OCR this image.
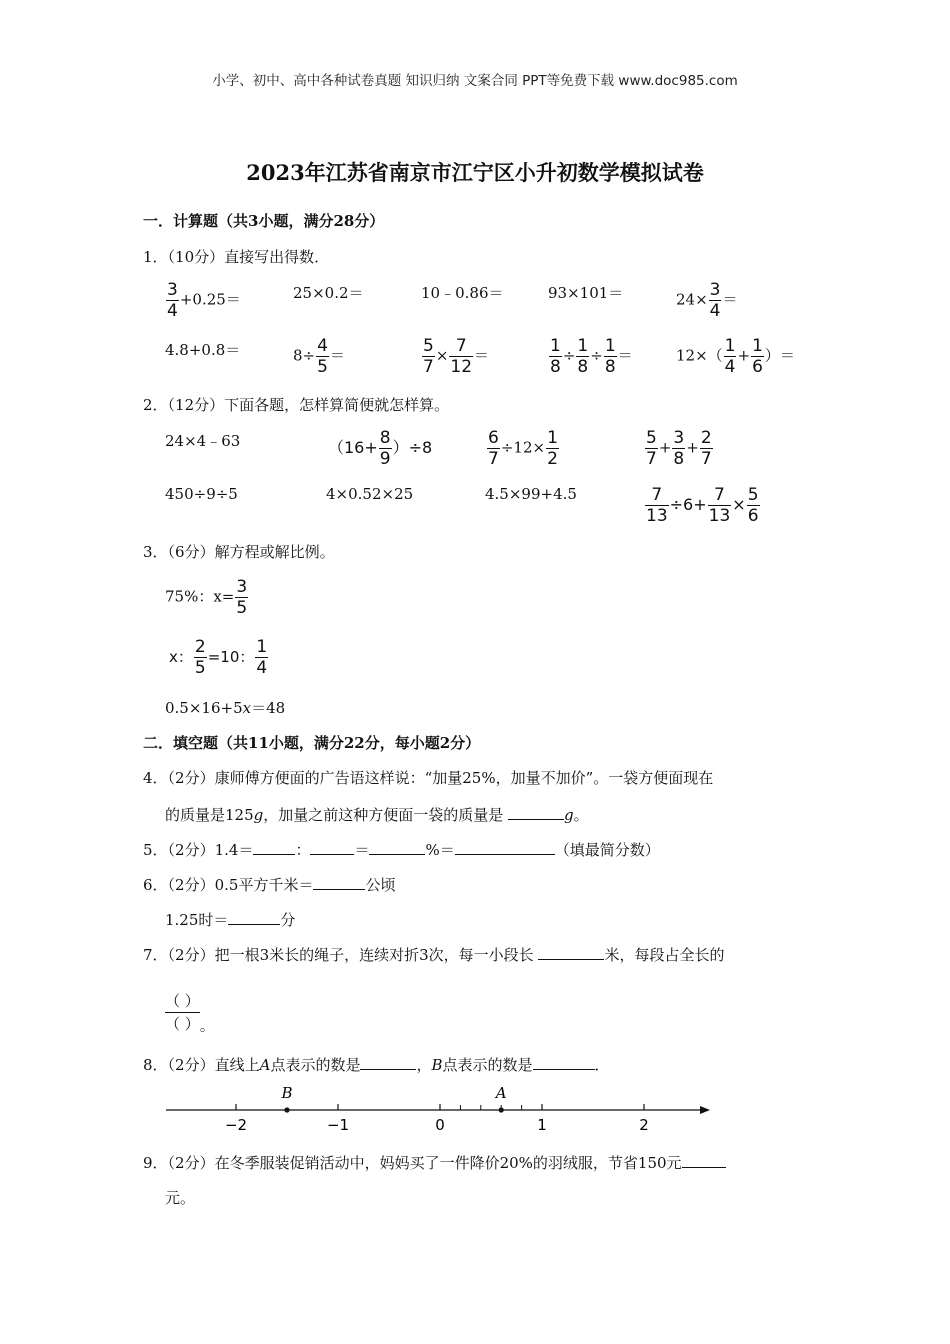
小学、初中、高中各种试卷真题 知识归纳 文案合同 PPT等免费下载 www.doc985.com
2023年江苏省南京市江宁区小升初数学模拟试卷
一．计算题（共3小题，满分28分）
1．（10分）直接写出得数．
$\frac{3}{4} +0.25=$	25×0.2＝	10﹣0.86＝	93×101＝	$24\times \frac{3}{4}$ ＝
4.8+0.8＝	$8\div \frac{4}{5}$ ＝	$\frac{5}{7} \times \frac{7}{12}$ ＝	$\frac{1}{8} \div \frac{1}{8} \div \frac{1}{8}$ ＝	$12\times( \frac{1}{4} + \frac{1}{6}$ ）＝
2．（12分）下面各题，怎样算简便就怎样算。
24×4﹣63	$(16+ \frac{8}{9} )\div 8$	$\frac{6}{7} \div 12\times \frac{1}{2}$	$\frac{5}{7} + \frac{3}{8} + \frac{2}{7}$
450÷9÷5	4×0.52×25	4.5×99+4.5	$\frac{7}{13} \div 6+ \frac{7}{13} \times \frac{5}{6}$
3．（6分）解方程或解比例。
75%：$x= \frac{3}{5}$
x： $\frac{2}{5} =10$： $\frac{1}{4}$
0.5×16+5x＝48
二．填空题（共11小题，满分22分，每小题2分）
4．（2分）康师傅方便面的广告语这样说：“加量25%，加量不加价”。一袋方便面现在
的质量是125g，加量之前这种方便面一袋的质量是	g。
5．（2分）1.4＝	：	＝	%＝	（填最简分数）
6．（2分）0.5平方千米＝	公顷
1.25时＝	分
7．（2分）把一根3米长的绳子，连续对折3次，每一小段长	米，每段占全长的
（ ）
（ ） 。
8．（2分）直线上A点表示的数是	，B点表示的数是	．
−2	−1	0	1	2
B	A
9．（2分）在冬季服装促销活动中，妈妈买了一件降价20%的羽绒服，节省150元
元。
